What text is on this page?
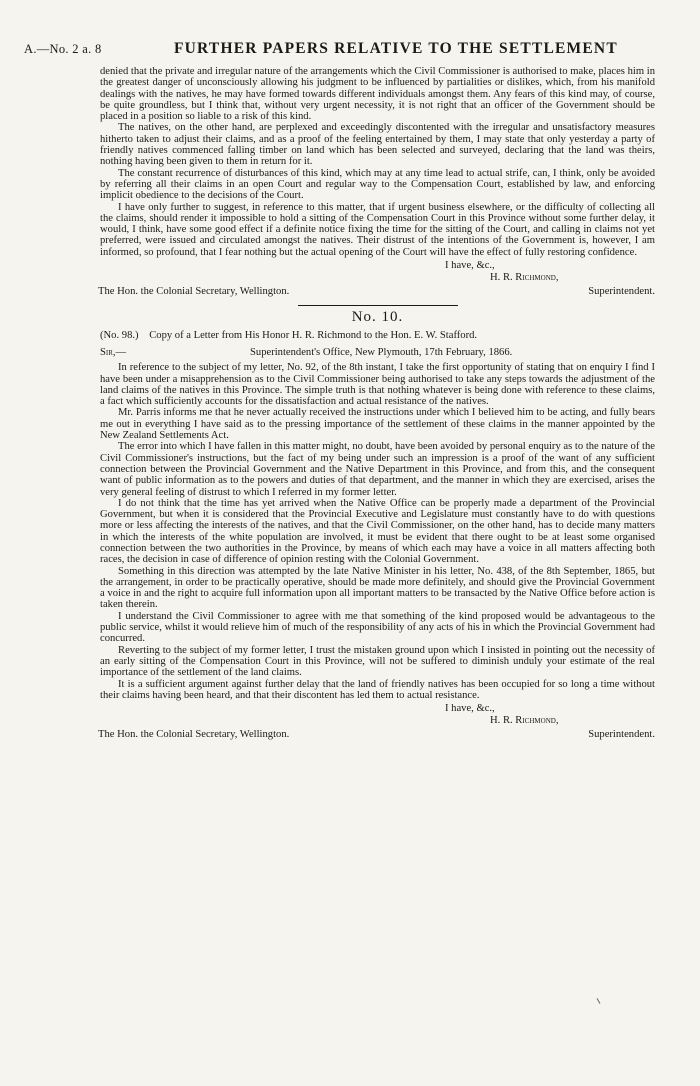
A.—No. 2 a. 8	FURTHER PAPERS RELATIVE TO THE SETTLEMENT

denied that the private and irregular nature of the arrangements which the Civil Commissioner is authorised to make, places him in the greatest danger of unconsciously allowing his judgment to be influenced by partialities or dislikes, which, from his manifold dealings with the natives, he may have formed towards different individuals amongst them. Any fears of this kind may, of course, be quite groundless, but I think that, without very urgent necessity, it is not right that an officer of the Government should be placed in a position so liable to a risk of this kind.

The natives, on the other hand, are perplexed and exceedingly discontented with the irregular and unsatisfactory measures hitherto taken to adjust their claims, and as a proof of the feeling entertained by them, I may state that only yesterday a party of friendly natives commenced falling timber on land which has been selected and surveyed, declaring that the land was theirs, nothing having been given to them in return for it.

The constant recurrence of disturbances of this kind, which may at any time lead to actual strife, can, I think, only be avoided by referring all their claims in an open Court and regular way to the Compensation Court, established by law, and enforcing implicit obedience to the decisions of the Court.

I have only further to suggest, in reference to this matter, that if urgent business elsewhere, or the difficulty of collecting all the claims, should render it impossible to hold a sitting of the Compensation Court in this Province without some further delay, it would, I think, have some good effect if a definite notice fixing the time for the sitting of the Court, and calling in claims not yet preferred, were issued and circulated amongst the natives. Their distrust of the intentions of the Government is, however, I am informed, so profound, that I fear nothing but the actual opening of the Court will have the effect of fully restoring confidence.

I have, &c.,
H. R. Richmond,
The Hon. the Colonial Secretary, Wellington.	Superintendent.
No. 10.
(No. 98.) Copy of a Letter from His Honor H. R. Richmond to the Hon. E. W. Stafford.
Sir,—	Superintendent's Office, New Plymouth, 17th February, 1866.

In reference to the subject of my letter, No. 92, of the 8th instant, I take the first opportunity of stating that on enquiry I find I have been under a misapprehension as to the Civil Commissioner being authorised to take any steps towards the adjustment of the land claims of the natives in this Province. The simple truth is that nothing whatever is being done with reference to these claims, a fact which sufficiently accounts for the dissatisfaction and actual resistance of the natives.

Mr. Parris informs me that he never actually received the instructions under which I believed him to be acting, and fully bears me out in everything I have said as to the pressing importance of the settlement of these claims in the manner appointed by the New Zealand Settlements Act.

The error into which I have fallen in this matter might, no doubt, have been avoided by personal enquiry as to the nature of the Civil Commissioner's instructions, but the fact of my being under such an impression is a proof of the want of any sufficient connection between the Provincial Government and the Native Department in this Province, and from this, and the consequent want of public information as to the powers and duties of that department, and the manner in which they are exercised, arises the very general feeling of distrust to which I referred in my former letter.

I do not think that the time has yet arrived when the Native Office can be properly made a department of the Provincial Government, but when it is considered that the Provincial Executive and Legislature must constantly have to do with questions more or less affecting the interests of the natives, and that the Civil Commissioner, on the other hand, has to decide many matters in which the interests of the white population are involved, it must be evident that there ought to be at least some organised connection between the two authorities in the Province, by means of which each may have a voice in all matters affecting both races, the decision in case of difference of opinion resting with the Colonial Government.

Something in this direction was attempted by the late Native Minister in his letter, No. 438, of the 8th September, 1865, but the arrangement, in order to be practically operative, should be made more definitely, and should give the Provincial Government a voice in and the right to acquire full information upon all important matters to be transacted by the Native Office before action is taken therein.

I understand the Civil Commissioner to agree with me that something of the kind proposed would be advantageous to the public service, whilst it would relieve him of much of the responsibility of any acts of his in which the Provincial Government had concurred.

Reverting to the subject of my former letter, I trust the mistaken ground upon which I insisted in pointing out the necessity of an early sitting of the Compensation Court in this Province, will not be suffered to diminish unduly your estimate of the real importance of the settlement of the land claims.

It is a sufficient argument against further delay that the land of friendly natives has been occupied for so long a time without their claims having been heard, and that their discontent has led them to actual resistance.

I have, &c.,
H. R. Richmond,
The Hon. the Colonial Secretary, Wellington.	Superintendent.
